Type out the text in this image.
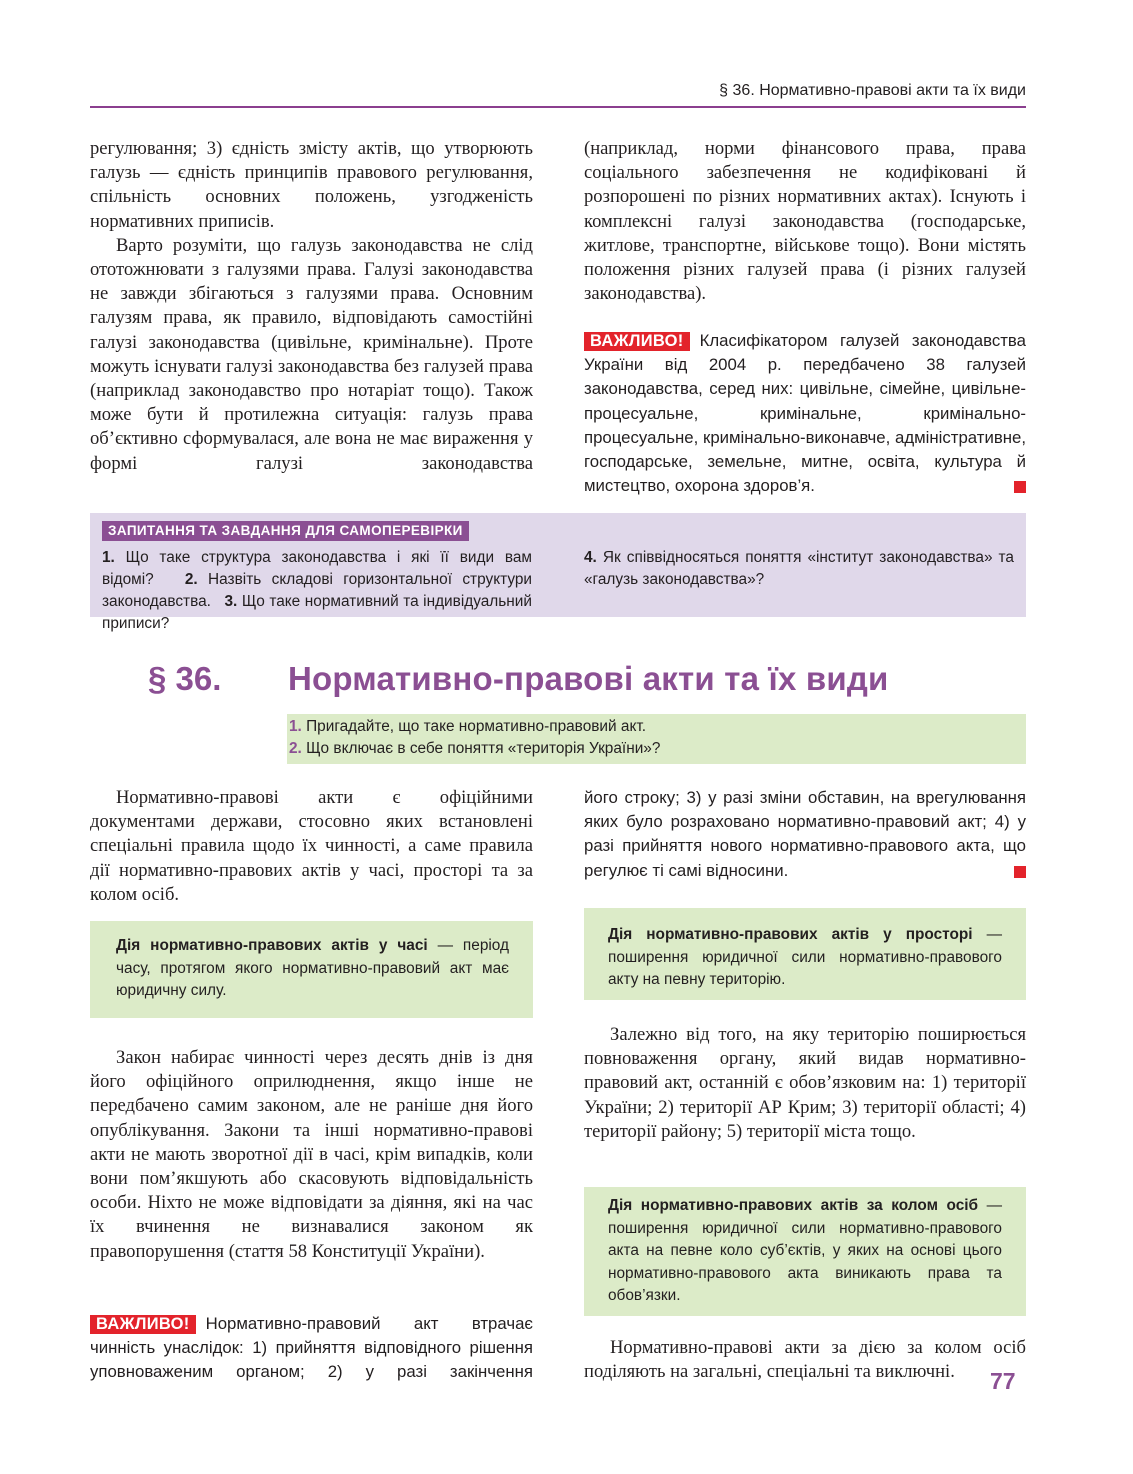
§ 36. Нормативно-правові акти та їх види

регулювання; 3) єдність змісту актів, що утворюють галузь — єдність принципів правового регулювання, спільність основних положень, узгодженість нормативних приписів.

Варто розуміти, що галузь законодавства не слід ототожнювати з галузями права. Галузі законодавства не завжди збігаються з галузями права. Основним галузям права, як правило, відповідають самостійні галузі законодавства (цивільне, кримінальне). Проте можуть існувати галузі законодавства без галузей права (наприклад законодавство про нотаріат тощо). Також може бути й протилежна ситуація: галузь права об’єктивно сформувалася, але вона не має вираження у формі галузі законодавства

(наприклад, норми фінансового права, права соціального забезпечення не кодифіковані й розпорошені по різних нормативних актах). Існують і комплексні галузі законодавства (господарське, житлове, транспортне, військове тощо). Вони містять положення різних галузей права (і різних галузей законодавства).

ВАЖЛИВО! Класифікатором галузей законодавства України від 2004 р. передбачено 38 галузей законодавства, серед них: цивільне, сімейне, цивільне-процесуальне, кримінальне, кримінально-процесуальне, кримінально-виконавче, адміністративне, господарське, земельне, митне, освіта, культура й мистецтво, охорона здоров’я.

ЗАПИТАННЯ ТА ЗАВДАННЯ ДЛЯ САМОПЕРЕВІРКИ
1. Що таке структура законодавства і які її види вам відомі? 2. Назвіть складові горизонтальної структури законодавства. 3. Що таке нормативний та індивідуальний приписи?
4. Як співвідносяться поняття «інститут законодавства» та «галузь законодавства»?
§ 36. Нормативно-правові акти та їх види
1. Пригадайте, що таке нормативно-правовий акт.
2. Що включає в себе поняття «територія України»?

Нормативно-правові акти є офіційними документами держави, стосовно яких встановлені спеціальні правила щодо їх чинності, а саме правила дії нормативно-правових актів у часі, просторі та за колом осіб.

Дія нормативно-правових актів у часі — період часу, протягом якого нормативно-правовий акт має юридичну силу.

Закон набирає чинності через десять днів із дня його офіційного оприлюднення, якщо інше не передбачено самим законом, але не раніше дня його опублікування. Закони та інші нормативно-правові акти не мають зворотної дії в часі, крім випадків, коли вони пом’якшують або скасовують відповідальність особи. Ніхто не може відповідати за діяння, які на час їх вчинення не визнавалися законом як правопорушення (стаття 58 Конституції України).

ВАЖЛИВО! Нормативно-правовий акт втрачає чинність унаслідок: 1) прийняття відповідного рішення уповноваженим органом; 2) у разі закінчення

його строку; 3) у разі зміни обставин, на врегулювання яких було розраховано нормативно-правовий акт; 4) у разі прийняття нового нормативно-правового акта, що регулює ті самі відносини.

Дія нормативно-правових актів у просторі — поширення юридичної сили нормативно-правового акту на певну територію.

Залежно від того, на яку територію поширюється повноваження органу, який видав нормативно-правовий акт, останній є обов’язковим на: 1) території України; 2) території АР Крим; 3) території області; 4) території району; 5) території міста тощо.

Дія нормативно-правових актів за колом осіб — поширення юридичної сили нормативно-правового акта на певне коло суб’єктів, у яких на основі цього нормативно-правового акта виникають права та обов’язки.

Нормативно-правові акти за дією за колом осіб поділяють на загальні, спеціальні та виключні.	77
